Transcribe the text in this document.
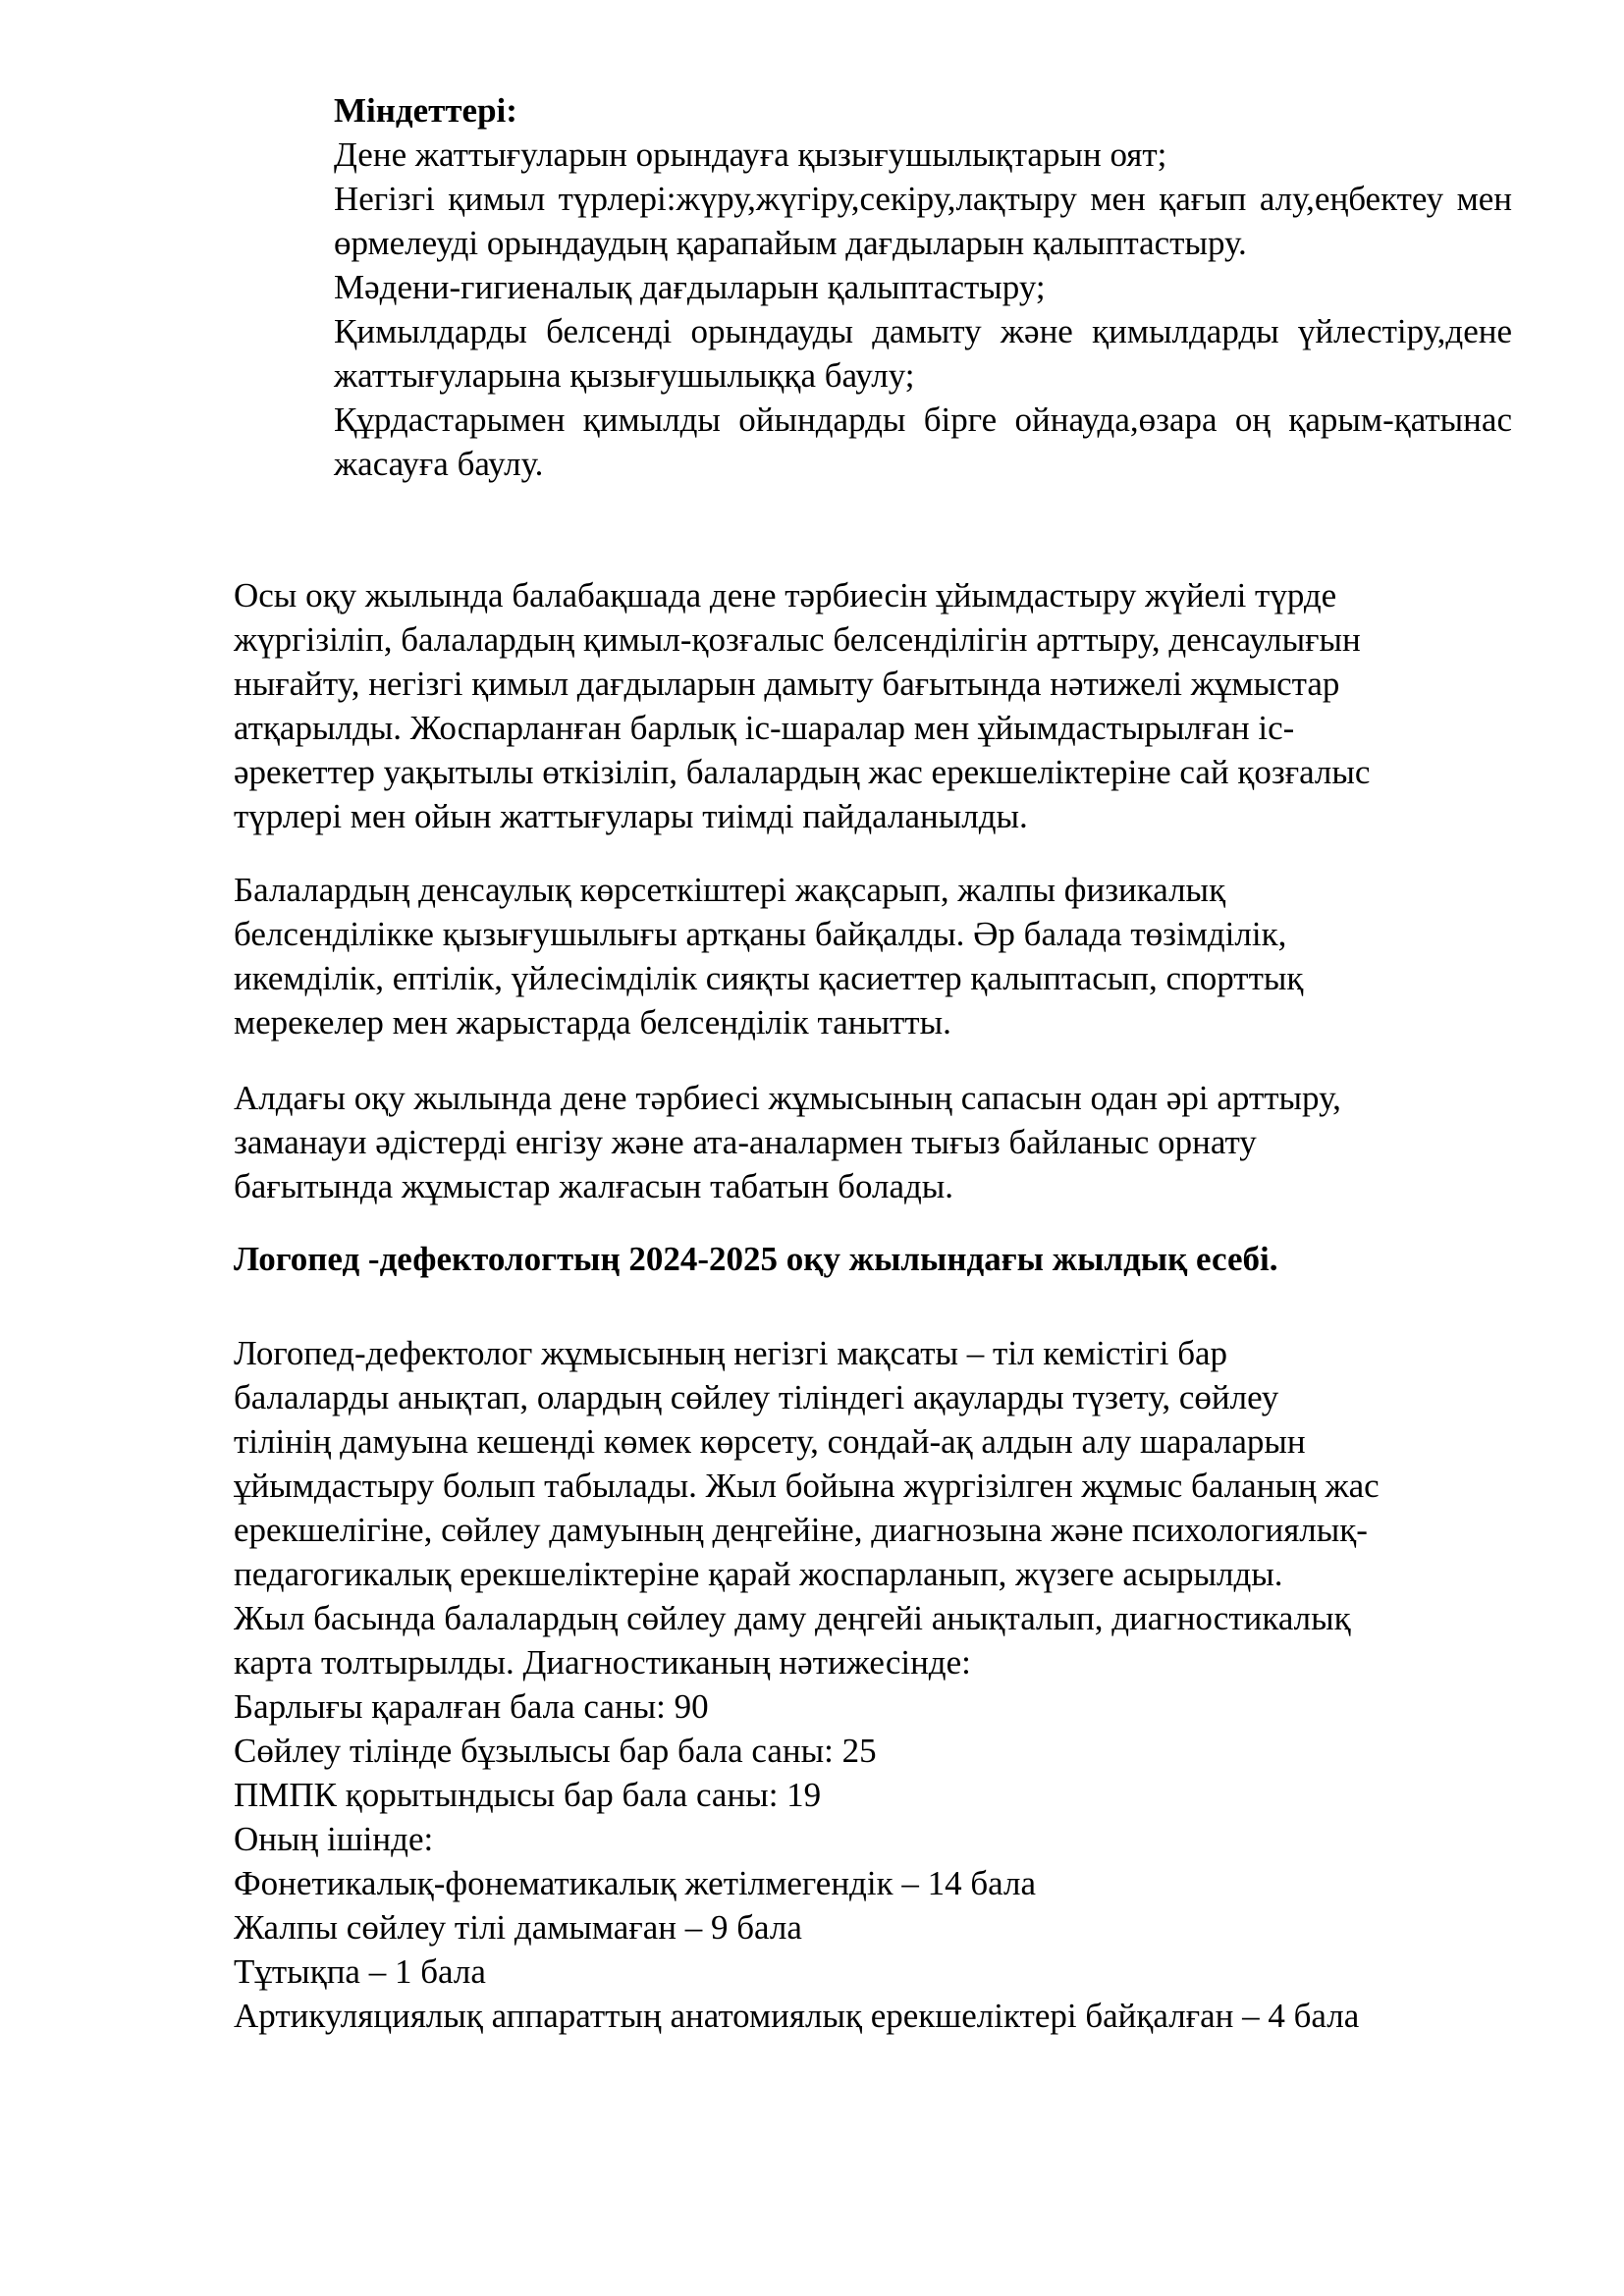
Міндеттері:

Дене жаттығуларын орындауға қызығушылықтарын оят;

Негізгі қимыл түрлері:жүру,жүгіру,секіру,лақтыру мен қағып алу,еңбектеу мен өрмелеуді орындаудың қарапайым дағдыларын қалыптастыру.

Мәдени-гигиеналық дағдыларын қалыптастыру;

Қимылдарды белсенді орындауды дамыту және қимылдарды үйлестіру,дене жаттығуларына қызығушылыққа баулу;

Құрдастарымен қимылды ойындарды бірге ойнауда,өзара оң қарым-қатынас жасауға баулу.

Осы оқу жылында балабақшада дене тәрбиесін ұйымдастыру жүйелі түрде

жүргізіліп, балалардың қимыл-қозғалыс белсенділігін арттыру, денсаулығын

нығайту, негізгі қимыл дағдыларын дамыту бағытында нәтижелі жұмыстар

атқарылды. Жоспарланған барлық іс-шаралар мен ұйымдастырылған іс-

әрекеттер уақытылы өткізіліп, балалардың жас ерекшеліктеріне сай қозғалыс

түрлері мен ойын жаттығулары тиімді пайдаланылды.

Балалардың денсаулық көрсеткіштері жақсарып, жалпы физикалық

белсенділікке қызығушылығы артқаны байқалды. Әр балада төзімділік,

икемділік, ептілік, үйлесімділік сияқты қасиеттер қалыптасып, спорттық

мерекелер мен жарыстарда белсенділік танытты.

Алдағы оқу жылында дене тәрбиесі жұмысының сапасын одан әрі арттыру,

заманауи әдістерді енгізу және ата-аналармен тығыз байланыс орнату

бағытында жұмыстар жалғасын табатын болады.

Логопед -дефектологтың 2024-2025 оқу жылындағы жылдық есебі.

Логопед-дефектолог жұмысының негізгі мақсаты – тіл кемістігі бар

балаларды анықтап, олардың сөйлеу тіліндегі ақауларды түзету, сөйлеу

тілінің дамуына кешенді көмек көрсету, сондай-ақ алдын алу шараларын

ұйымдастыру болып табылады. Жыл бойына жүргізілген жұмыс баланың жас

ерекшелігіне, сөйлеу дамуының деңгейіне, диагнозына және психологиялық-

педагогикалық ерекшеліктеріне қарай жоспарланып, жүзеге асырылды.

Жыл басында балалардың сөйлеу даму деңгейі анықталып, диагностикалық

карта толтырылды. Диагностиканың нәтижесінде:

Барлығы қаралған бала саны: 90

Сөйлеу тілінде бұзылысы бар бала саны: 25

ПМПК қорытындысы бар бала саны: 19

Оның ішінде:

Фонетикалық-фонематикалық жетілмегендік – 14 бала

Жалпы сөйлеу тілі дамымаған – 9 бала

Тұтықпа – 1 бала

Артикуляциялық аппараттың анатомиялық ерекшеліктері байқалған – 4 бала
